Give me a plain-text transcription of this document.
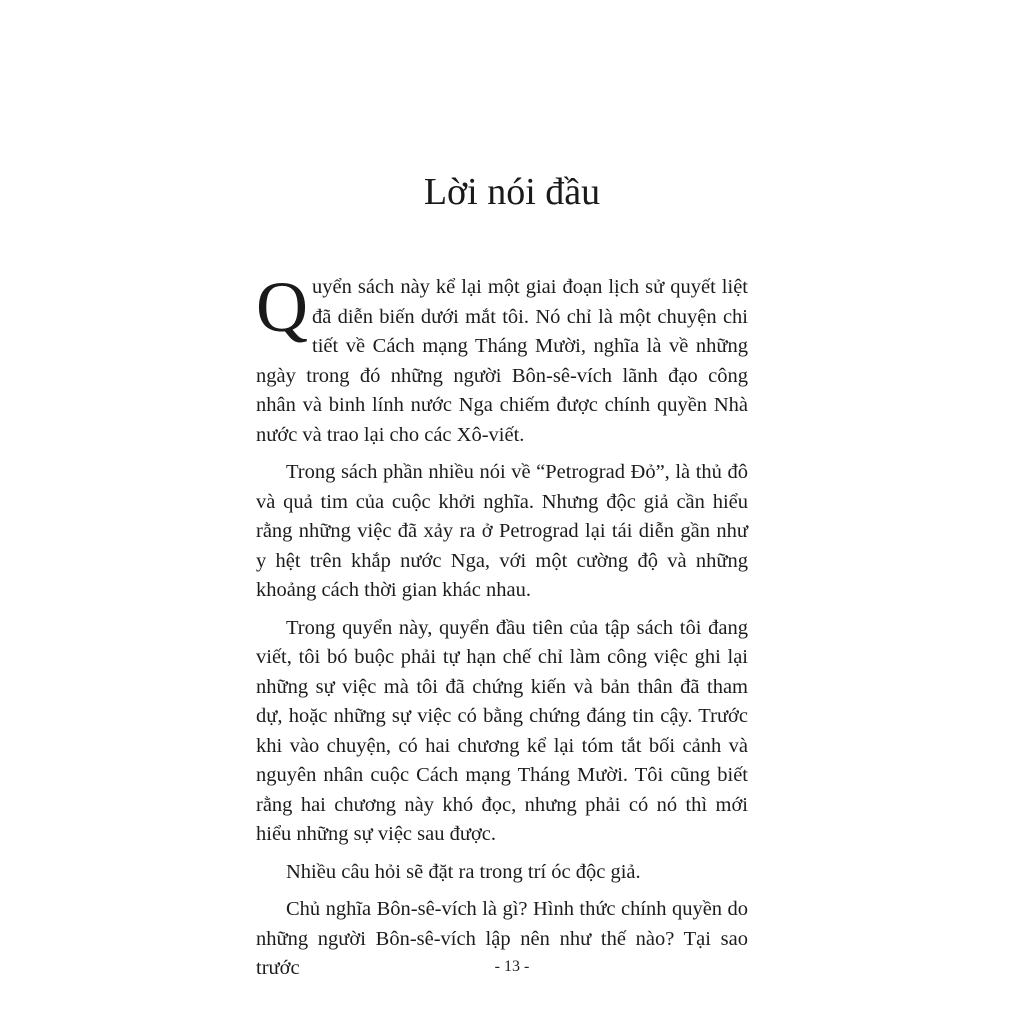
Lời nói đầu

Quyển sách này kể lại một giai đoạn lịch sử quyết liệt đã diễn biến dưới mắt tôi. Nó chỉ là một chuyện chi tiết về Cách mạng Tháng Mười, nghĩa là về những ngày trong đó những người Bôn-sê-vích lãnh đạo công nhân và binh lính nước Nga chiếm được chính quyền Nhà nước và trao lại cho các Xô-viết.

Trong sách phần nhiều nói về “Petrograd Đỏ”, là thủ đô và quả tim của cuộc khởi nghĩa. Nhưng độc giả cần hiểu rằng những việc đã xảy ra ở Petrograd lại tái diễn gần như y hệt trên khắp nước Nga, với một cường độ và những khoảng cách thời gian khác nhau.

Trong quyển này, quyển đầu tiên của tập sách tôi đang viết, tôi bó buộc phải tự hạn chế chỉ làm công việc ghi lại những sự việc mà tôi đã chứng kiến và bản thân đã tham dự, hoặc những sự việc có bằng chứng đáng tin cậy. Trước khi vào chuyện, có hai chương kể lại tóm tắt bối cảnh và nguyên nhân cuộc Cách mạng Tháng Mười. Tôi cũng biết rằng hai chương này khó đọc, nhưng phải có nó thì mới hiểu những sự việc sau được.

Nhiều câu hỏi sẽ đặt ra trong trí óc độc giả.

Chủ nghĩa Bôn-sê-vích là gì? Hình thức chính quyền do những người Bôn-sê-vích lập nên như thế nào? Tại sao trước	- 13 -
